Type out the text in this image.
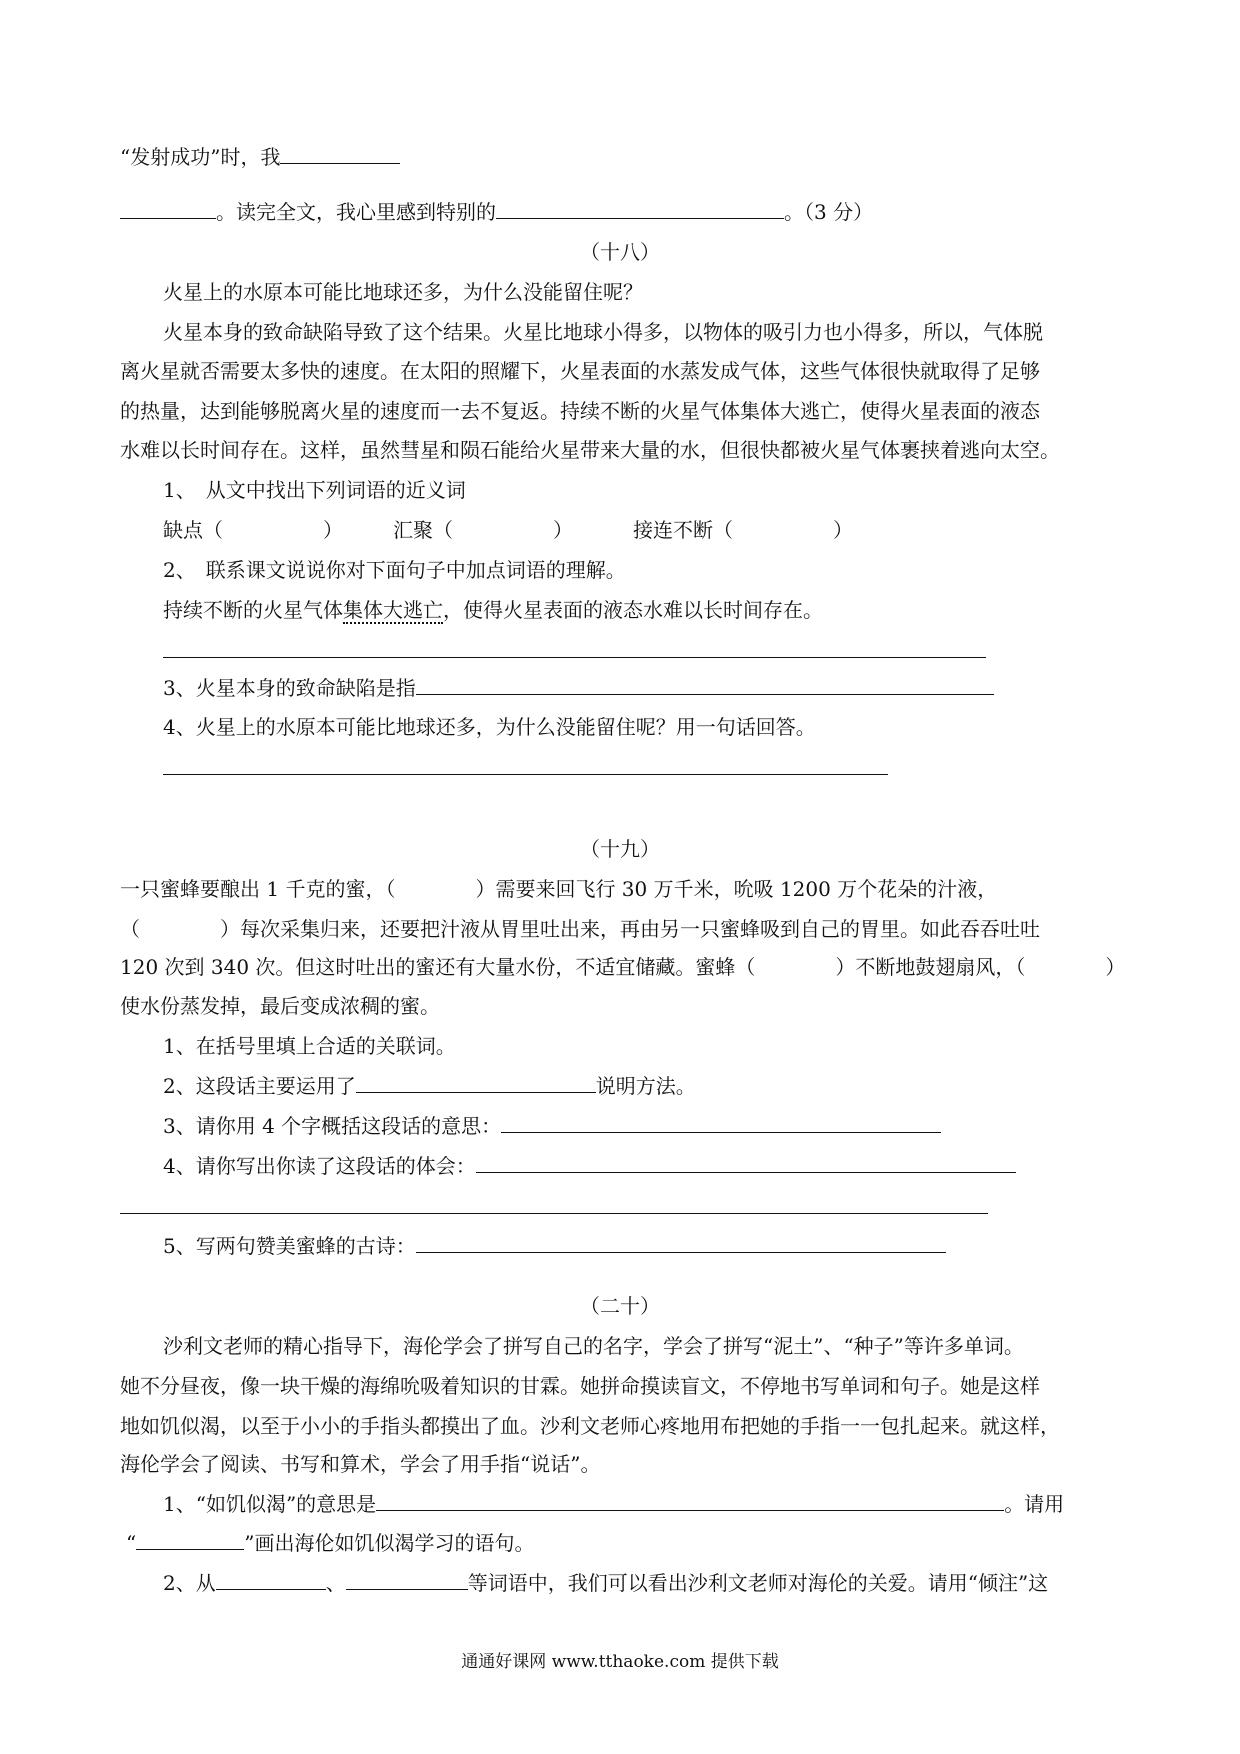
“发射成功”时，我
。读完全文，我心里感到特别的	。（3 分）
（十八）
火星上的水原本可能比地球还多，为什么没能留住呢？
火星本身的致命缺陷导致了这个结果。火星比地球小得多，以物体的吸引力也小得多，所以，气体脱
离火星就否需要太多快的速度。在太阳的照耀下，火星表面的水蒸发成气体，这些气体很快就取得了足够
的热量，达到能够脱离火星的速度而一去不复返。持续不断的火星气体集体大逃亡，使得火星表面的液态
水难以长时间存在。这样，虽然彗星和陨石能给火星带来大量的水，但很快都被火星气体裹挟着逃向太空。
1、　从文中找出下列词语的近义词
缺点（　　　　　）	汇聚（　　　　　）	接连不断（　　　　　）
2、　联系课文说说你对下面句子中加点词语的理解。
持续不断的火星气体集体大逃亡，使得火星表面的液态水难以长时间存在。
3、火星本身的致命缺陷是指
4、火星上的水原本可能比地球还多，为什么没能留住呢？用一句话回答。
（十九）
一只蜜蜂要酿出 1 千克的蜜，（　　　　）需要来回飞行 30 万千米，吮吸 1200 万个花朵的汁液，
（　　　　）每次采集归来，还要把汁液从胃里吐出来，再由另一只蜜蜂吸到自己的胃里。如此吞吞吐吐
120 次到 340 次。但这时吐出的蜜还有大量水份，不适宜储藏。蜜蜂（　　　　）不断地鼓翅扇风，（　　　　）
使水份蒸发掉，最后变成浓稠的蜜。
1、在括号里填上合适的关联词。
2、这段话主要运用了	说明方法。
3、请你用 4 个字概括这段话的意思：
4、请你写出你读了这段话的体会：
5、写两句赞美蜜蜂的古诗：
（二十）
沙利文老师的精心指导下，海伦学会了拼写自己的名字，学会了拼写“泥土”、“种子”等许多单词。
她不分昼夜，像一块干燥的海绵吮吸着知识的甘霖。她拼命摸读盲文，不停地书写单词和句子。她是这样
地如饥似渴，以至于小小的手指头都摸出了血。沙利文老师心疼地用布把她的手指一一包扎起来。就这样，
海伦学会了阅读、书写和算术，学会了用手指“说话”。
1、“如饥似渴”的意思是	。请用
“	”画出海伦如饥似渴学习的语句。
2、从	、	等词语中，我们可以看出沙利文老师对海伦的关爱。请用“倾注”这
通通好课网 www.tthaoke.com 提供下载
